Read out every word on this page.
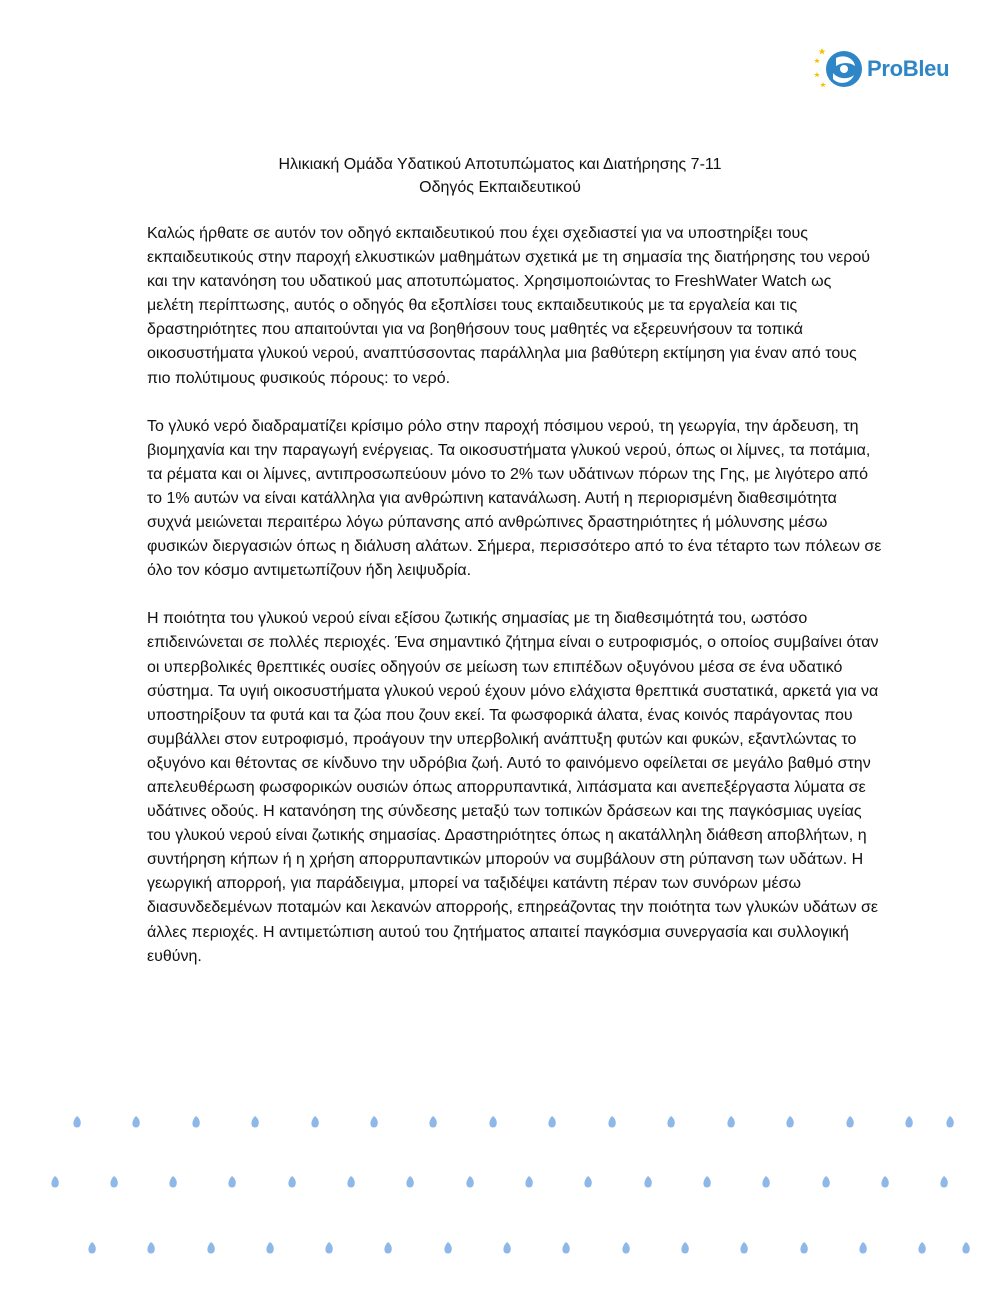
ProBleu
Ηλικιακή Ομάδα Υδατικού Αποτυπώματος και Διατήρησης 7-11
Οδηγός Εκπαιδευτικού

Καλώς ήρθατε σε αυτόν τον οδηγό εκπαιδευτικού που έχει σχεδιαστεί για να υποστηρίξει τους εκπαιδευτικούς στην παροχή ελκυστικών μαθημάτων σχετικά με τη σημασία της διατήρησης του νερού και την κατανόηση του υδατικού μας αποτυπώματος. Χρησιμοποιώντας το FreshWater Watch ως μελέτη περίπτωσης, αυτός ο οδηγός θα εξοπλίσει τους εκπαιδευτικούς με τα εργαλεία και τις δραστηριότητες που απαιτούνται για να βοηθήσουν τους μαθητές να εξερευνήσουν τα τοπικά οικοσυστήματα γλυκού νερού, αναπτύσσοντας παράλληλα μια βαθύτερη εκτίμηση για έναν από τους πιο πολύτιμους φυσικούς πόρους: το νερό.

Το γλυκό νερό διαδραματίζει κρίσιμο ρόλο στην παροχή πόσιμου νερού, τη γεωργία, την άρδευση, τη βιομηχανία και την παραγωγή ενέργειας. Τα οικοσυστήματα γλυκού νερού, όπως οι λίμνες, τα ποτάμια, τα ρέματα και οι λίμνες, αντιπροσωπεύουν μόνο το 2% των υδάτινων πόρων της Γης, με λιγότερο από το 1% αυτών να είναι κατάλληλα για ανθρώπινη κατανάλωση. Αυτή η περιορισμένη διαθεσιμότητα συχνά μειώνεται περαιτέρω λόγω ρύπανσης από ανθρώπινες δραστηριότητες ή μόλυνσης μέσω φυσικών διεργασιών όπως η διάλυση αλάτων. Σήμερα, περισσότερο από το ένα τέταρτο των πόλεων σε όλο τον κόσμο αντιμετωπίζουν ήδη λειψυδρία.

Η ποιότητα του γλυκού νερού είναι εξίσου ζωτικής σημασίας με τη διαθεσιμότητά του, ωστόσο επιδεινώνεται σε πολλές περιοχές. Ένα σημαντικό ζήτημα είναι ο ευτροφισμός, ο οποίος συμβαίνει όταν οι υπερβολικές θρεπτικές ουσίες οδηγούν σε μείωση των επιπέδων οξυγόνου μέσα σε ένα υδατικό σύστημα. Τα υγιή οικοσυστήματα γλυκού νερού έχουν μόνο ελάχιστα θρεπτικά συστατικά, αρκετά για να υποστηρίξουν τα φυτά και τα ζώα που ζουν εκεί. Τα φωσφορικά άλατα, ένας κοινός παράγοντας που συμβάλλει στον ευτροφισμό, προάγουν την υπερβολική ανάπτυξη φυτών και φυκών, εξαντλώντας το οξυγόνο και θέτοντας σε κίνδυνο την υδρόβια ζωή. Αυτό το φαινόμενο οφείλεται σε μεγάλο βαθμό στην απελευθέρωση φωσφορικών ουσιών όπως απορρυπαντικά, λιπάσματα και ανεπεξέργαστα λύματα σε

υδάτινες οδούς. Η κατανόηση της σύνδεσης μεταξύ των τοπικών δράσεων και της παγκόσμιας υγείας του γλυκού νερού είναι ζωτικής σημασίας. Δραστηριότητες όπως η ακατάλληλη διάθεση αποβλήτων, η συντήρηση κήπων ή η χρήση απορρυπαντικών μπορούν να συμβάλουν στη ρύπανση των υδάτων. Η γεωργική απορροή, για παράδειγμα, μπορεί να ταξιδέψει κατάντη πέραν των συνόρων μέσω διασυνδεδεμένων ποταμών και λεκανών απορροής, επηρεάζοντας την ποιότητα των γλυκών υδάτων σε άλλες περιοχές. Η αντιμετώπιση αυτού του ζητήματος απαιτεί παγκόσμια συνεργασία και συλλογική ευθύνη.
